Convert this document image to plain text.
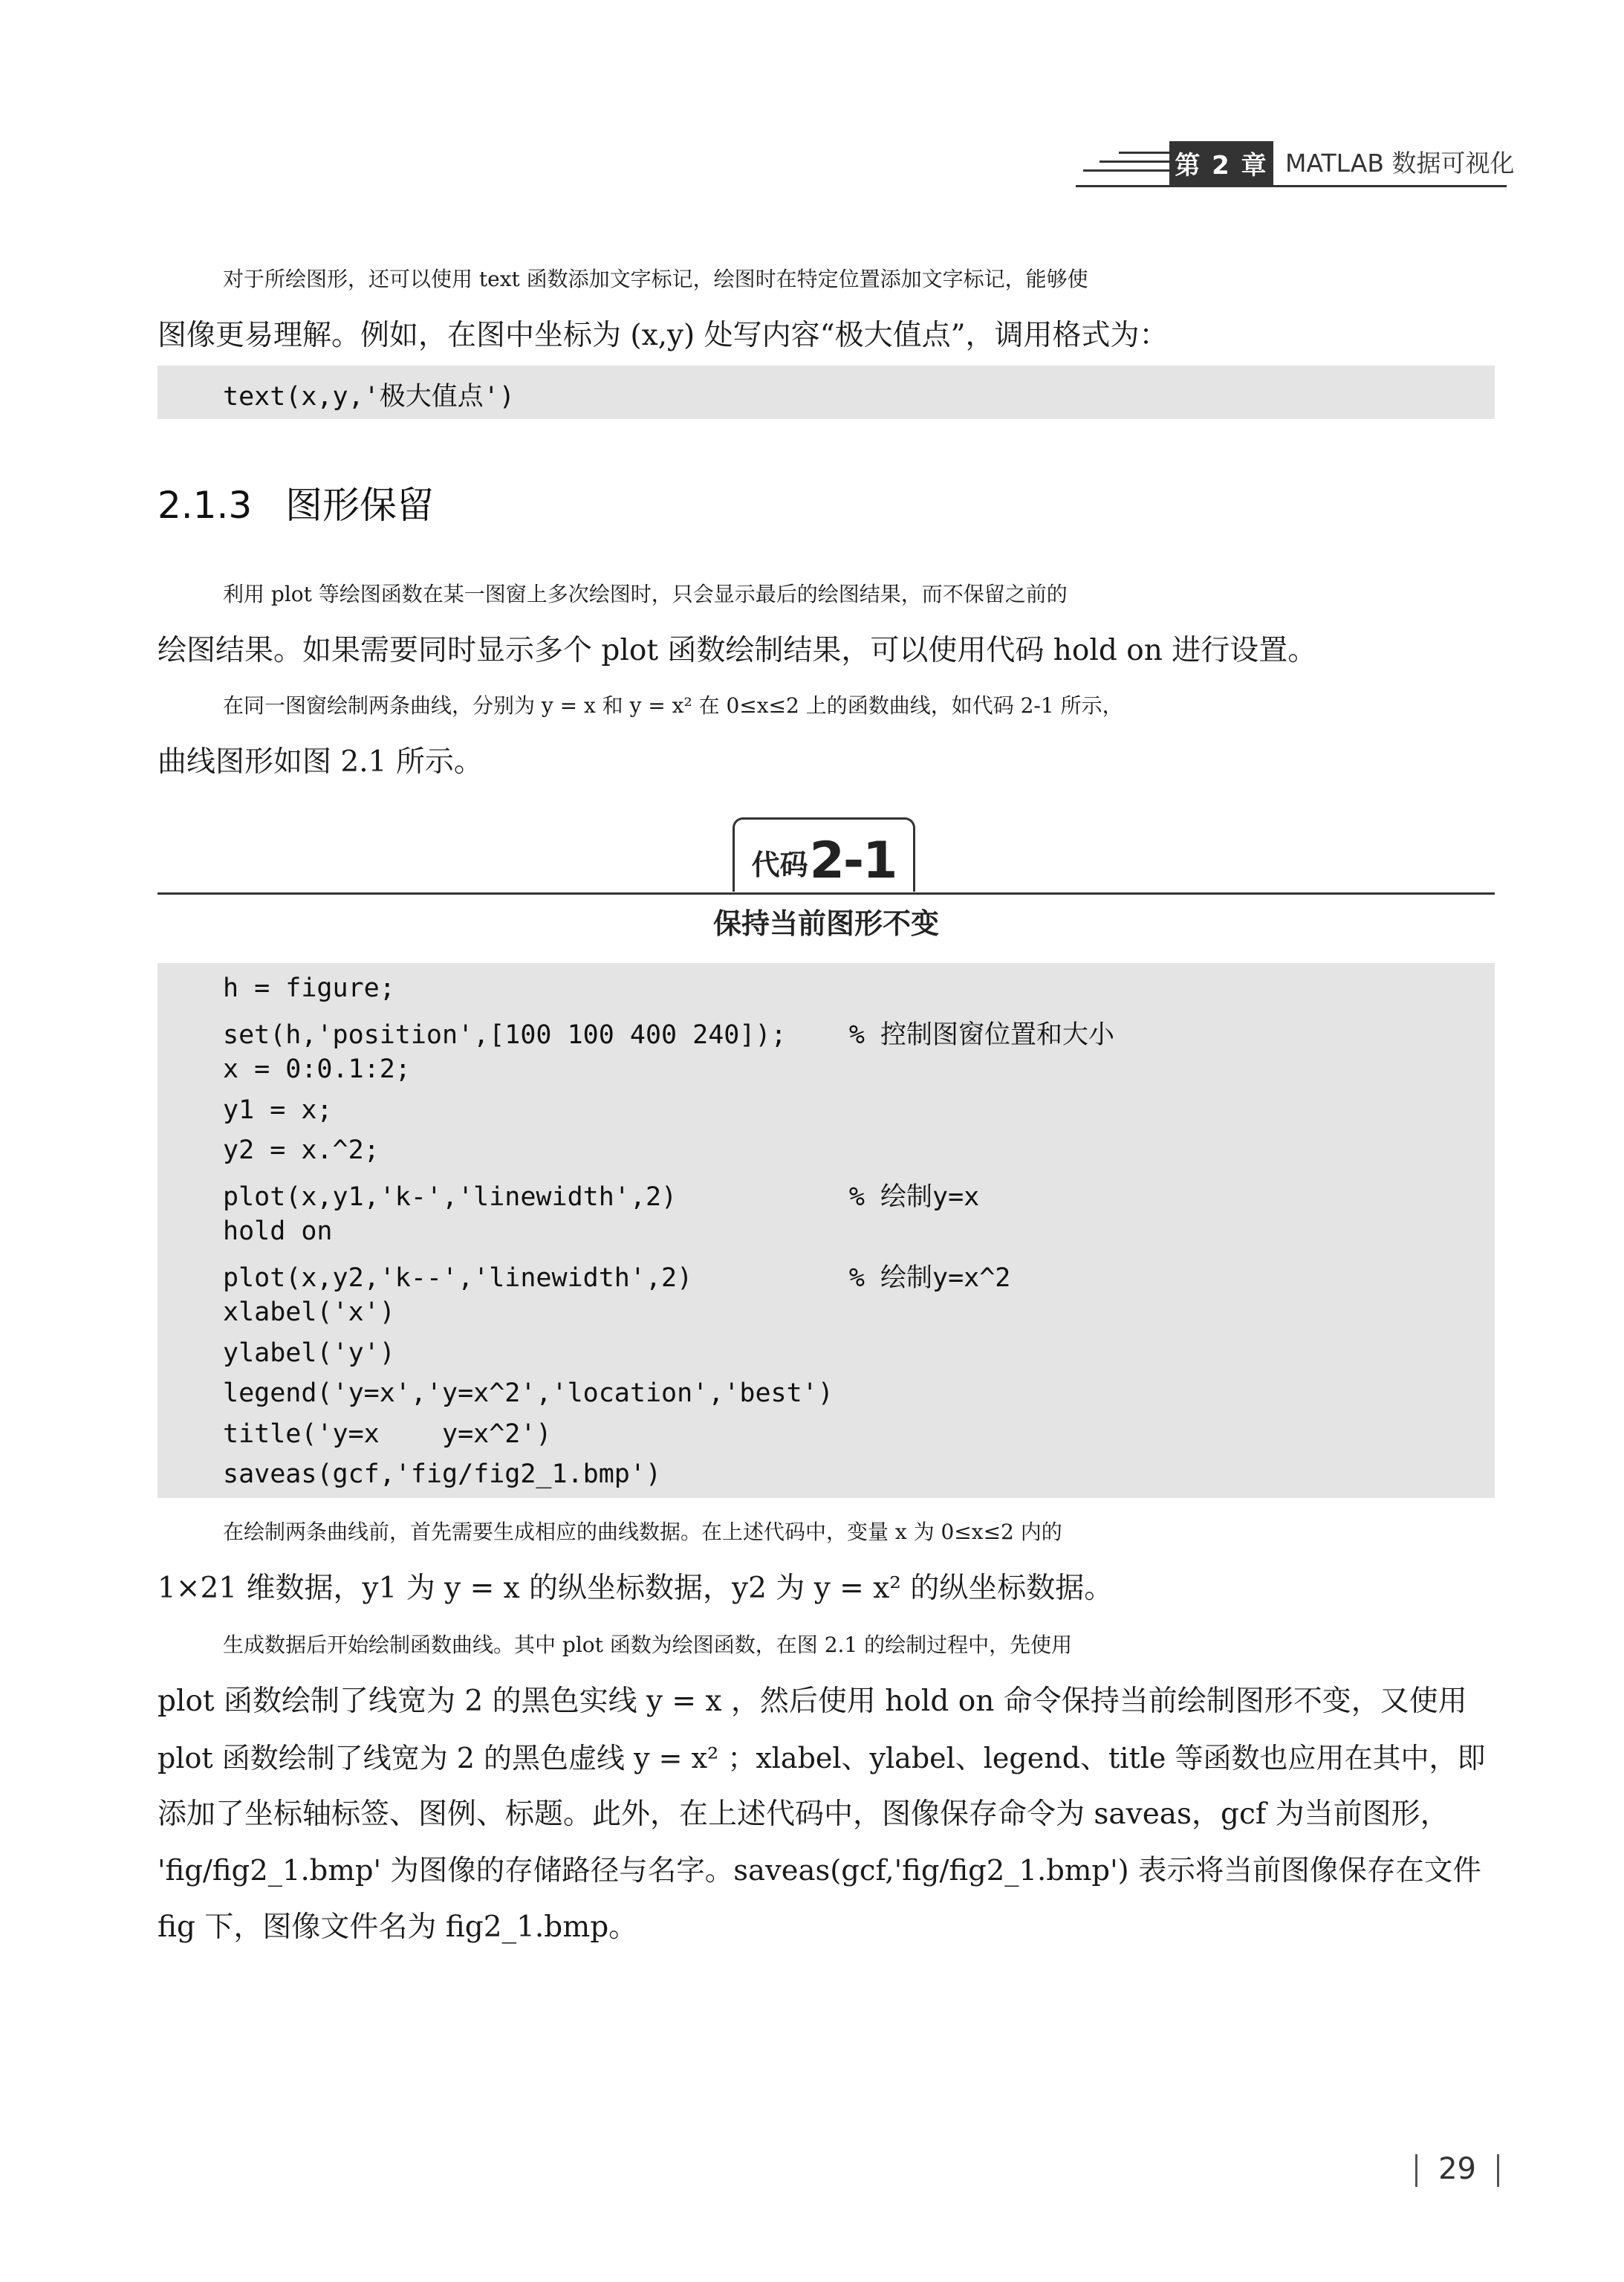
第 2 章 MATLAB 数据可视化
对于所绘图形，还可以使用 text 函数添加文字标记，绘图时在特定位置添加文字标记，能够使
图像更易理解。例如，在图中坐标为 (x,y) 处写内容“极大值点”，调用格式为：
text(x,y,'极大值点')
2.1.3 图形保留
利用 plot 等绘图函数在某一图窗上多次绘图时，只会显示最后的绘图结果，而不保留之前的
绘图结果。如果需要同时显示多个 plot 函数绘制结果，可以使用代码 hold on 进行设置。
在同一图窗绘制两条曲线，分别为 y = x 和 y = x² 在 0≤x≤2 上的函数曲线，如代码 2-1 所示，
曲线图形如图 2.1 所示。
代码 2-1
保持当前图形不变
h = figure;
set(h,'position',[100 100 400 240]);    % 控制图窗位置和大小
x = 0:0.1:2;
y1 = x;
y2 = x.^2;
plot(x,y1,'k-','linewidth',2)           % 绘制y=x
hold on
plot(x,y2,'k--','linewidth',2)          % 绘制y=x^2
xlabel('x')
ylabel('y')
legend('y=x','y=x^2','location','best')
title('y=x    y=x^2')
saveas(gcf,'fig/fig2_1.bmp')
在绘制两条曲线前，首先需要生成相应的曲线数据。在上述代码中，变量 x 为 0≤x≤2 内的
1×21 维数据，y1 为 y = x 的纵坐标数据，y2 为 y = x² 的纵坐标数据。
生成数据后开始绘制函数曲线。其中 plot 函数为绘图函数，在图 2.1 的绘制过程中，先使用
plot 函数绘制了线宽为 2 的黑色实线 y = x ，然后使用 hold on 命令保持当前绘制图形不变，又使用
plot 函数绘制了线宽为 2 的黑色虚线 y = x² ；xlabel、ylabel、legend、title 等函数也应用在其中，即
添加了坐标轴标签、图例、标题。此外，在上述代码中，图像保存命令为 saveas，gcf 为当前图形，
'fig/fig2_1.bmp' 为图像的存储路径与名字。saveas(gcf,'fig/fig2_1.bmp') 表示将当前图像保存在文件
fig 下，图像文件名为 fig2_1.bmp。
29
